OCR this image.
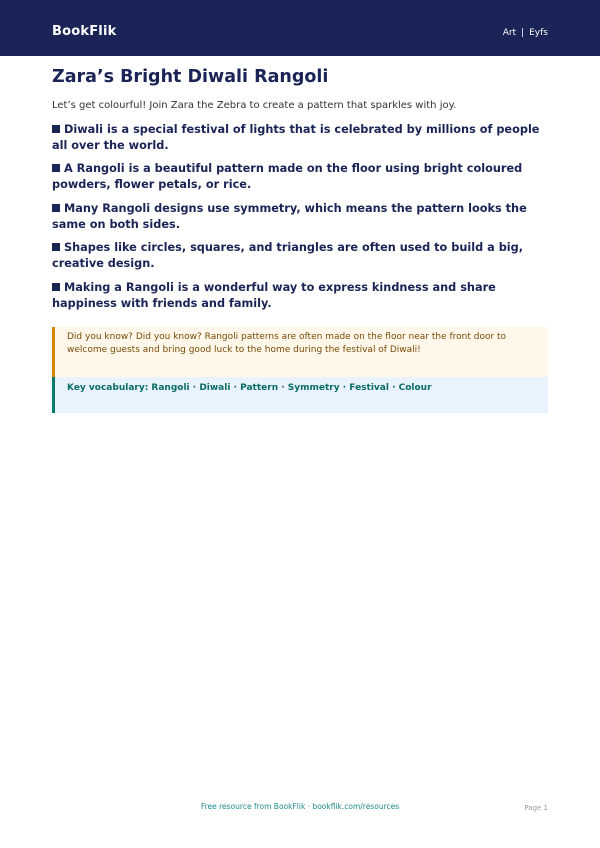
BookFlik	Art | Eyfs
Zara’s Bright Diwali Rangoli

Let’s get colourful! Join Zara the Zebra to create a pattern that sparkles with joy.

Diwali is a special festival of lights that is celebrated by millions of people all over the world.
A Rangoli is a beautiful pattern made on the floor using bright coloured powders, flower petals, or rice.
Many Rangoli designs use symmetry, which means the pattern looks the same on both sides.
Shapes like circles, squares, and triangles are often used to build a big, creative design.
Making a Rangoli is a wonderful way to express kindness and share happiness with friends and family.

Did you know? Did you know? Rangoli patterns are often made on the floor near the front door to welcome guests and bring good luck to the home during the festival of Diwali!

Key vocabulary: Rangoli · Diwali · Pattern · Symmetry · Festival · Colour

Free resource from BookFlik · bookflik.com/resources	Page 1
